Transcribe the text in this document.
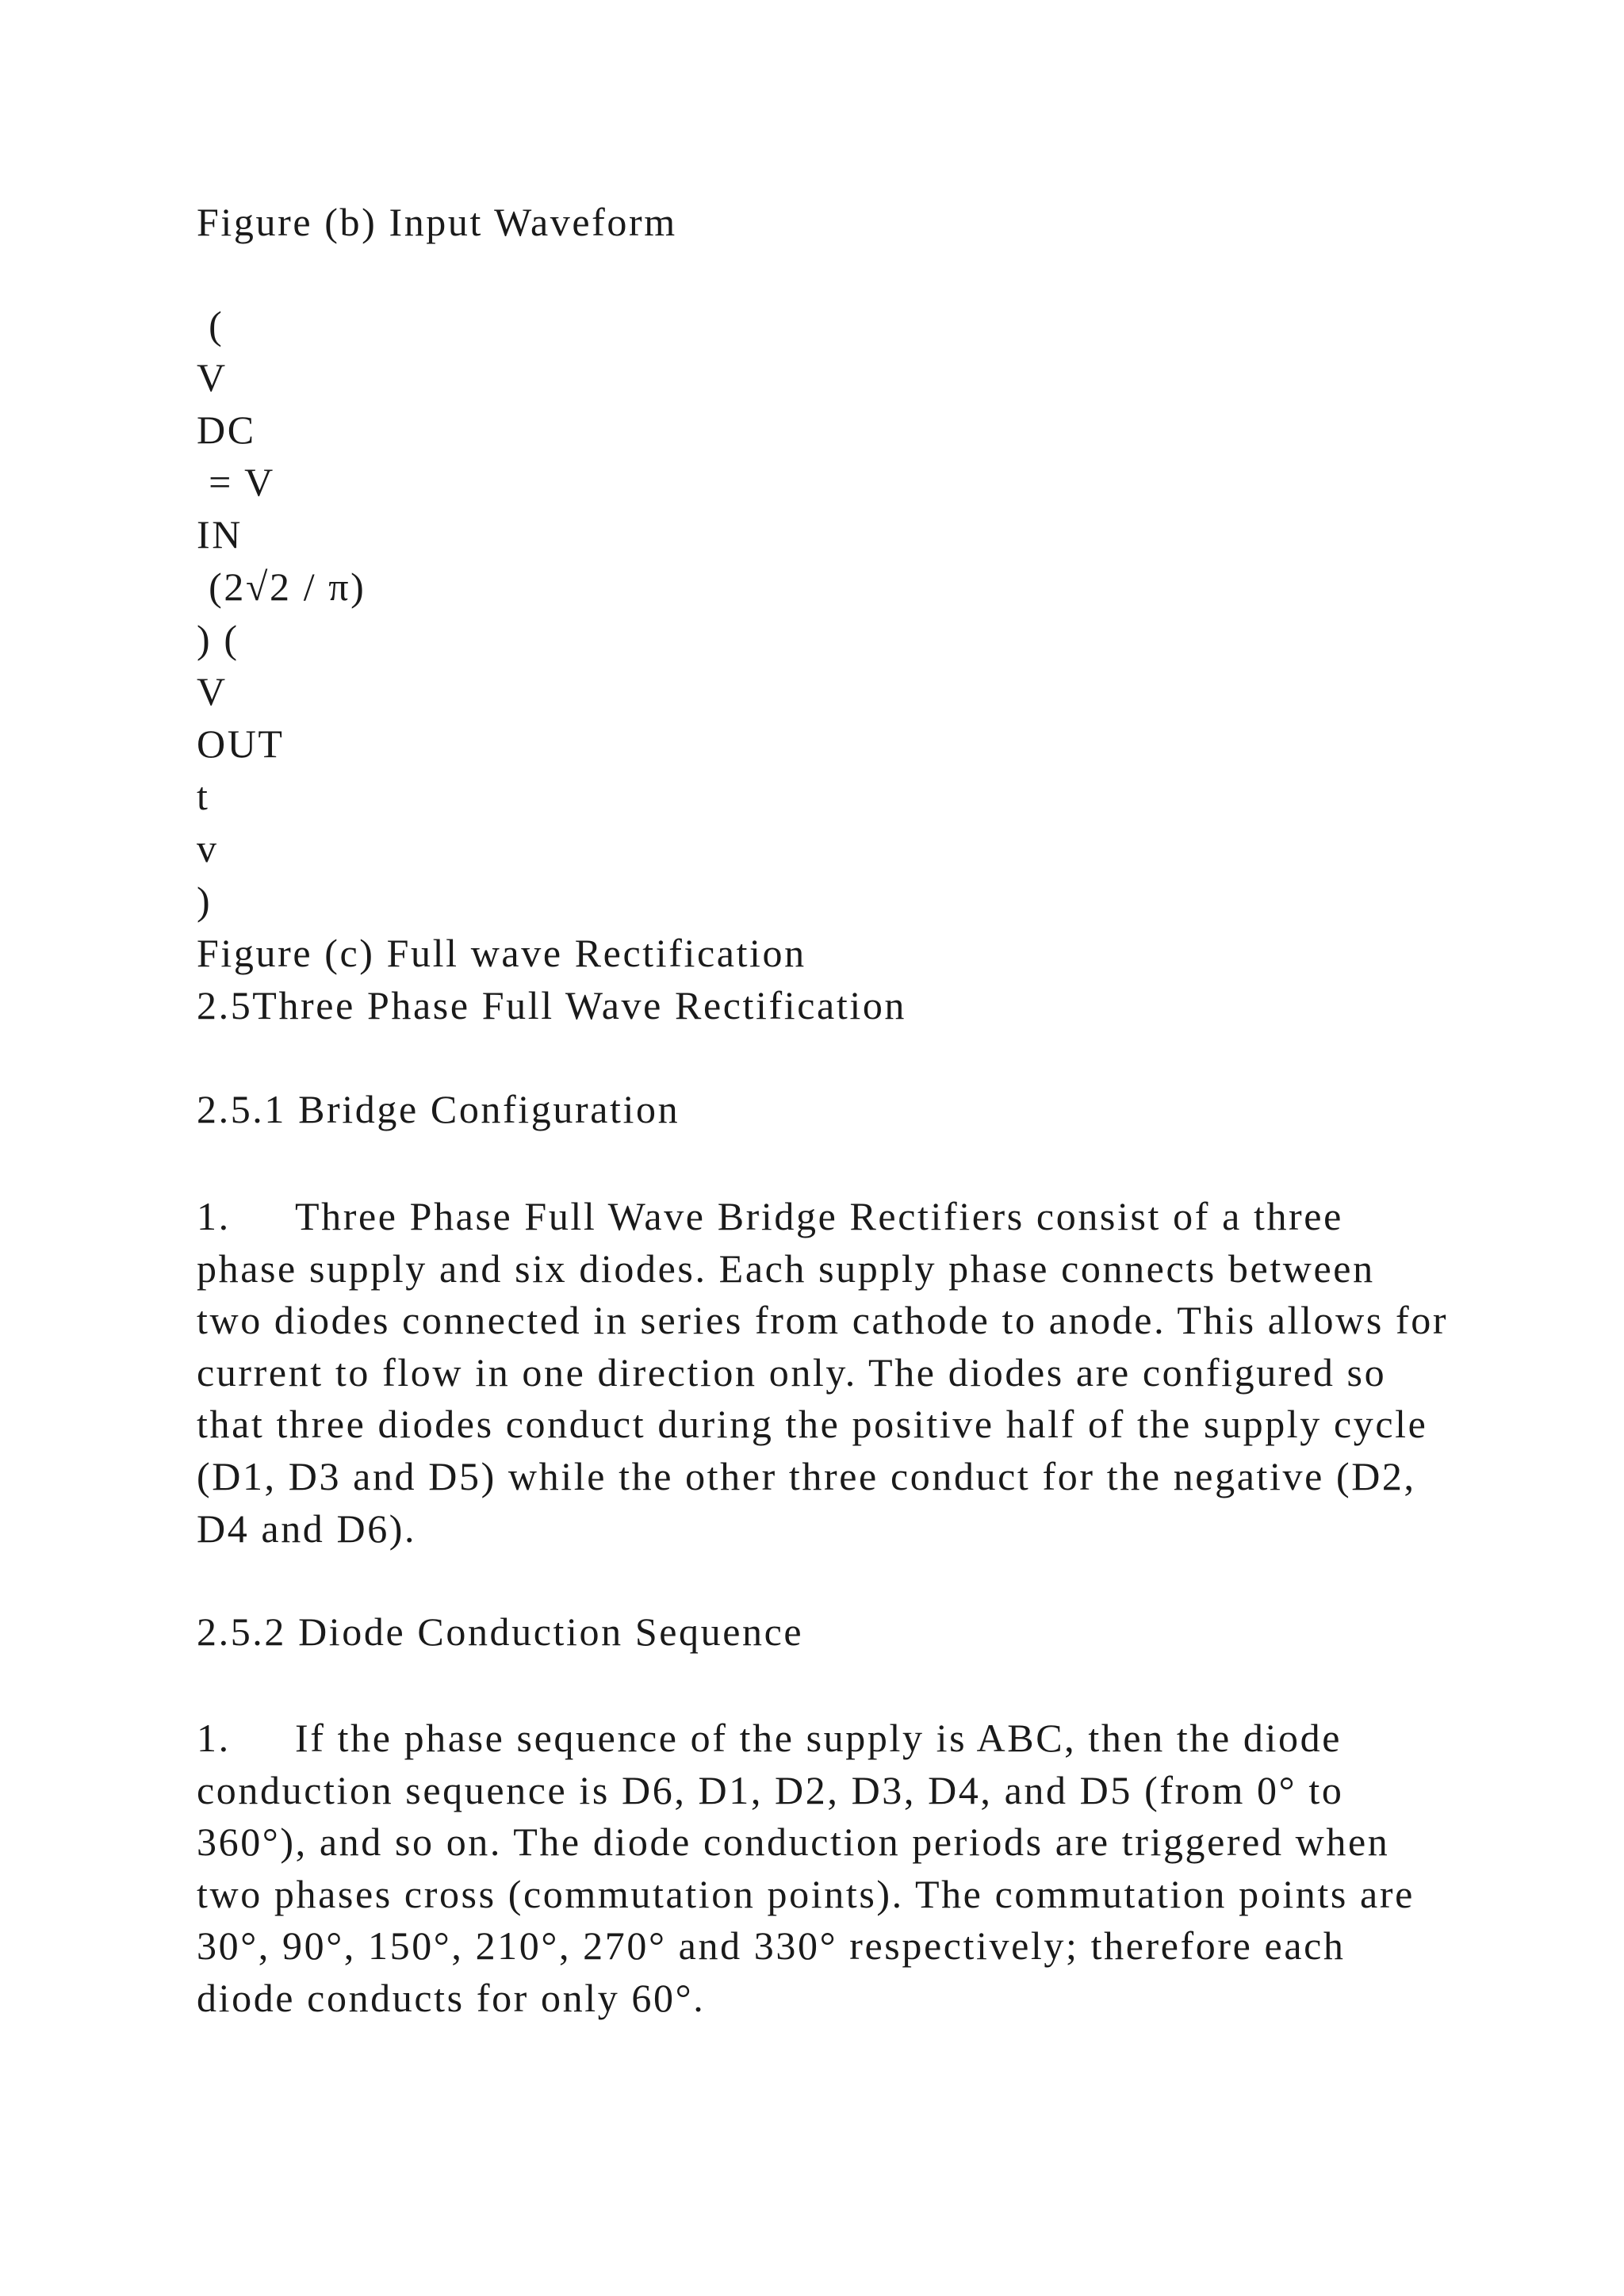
Figure (b) Input Waveform

(

V

DC

= V

IN

(2√2 / π)

) (

V

OUT

t

v

)

Figure (c) Full wave Rectification

2.5Three Phase Full Wave Rectification

2.5.1 Bridge Configuration

1. Three Phase Full Wave Bridge Rectifiers consist of a three phase supply and six diodes. Each supply phase connects between two diodes connected in series from cathode to anode. This allows for current to flow in one direction only. The diodes are configured so that three diodes conduct during the positive half of the supply cycle (D1, D3 and D5) while the other three conduct for the negative (D2, D4 and D6).

2.5.2 Diode Conduction Sequence

1. If the phase sequence of the supply is ABC, then the diode conduction sequence is D6, D1, D2, D3, D4, and D5 (from 0° to 360°), and so on. The diode conduction periods are triggered when two phases cross (commutation points). The commutation points are 30°, 90°, 150°, 210°, 270° and 330° respectively; therefore each diode conducts for only 60°.
